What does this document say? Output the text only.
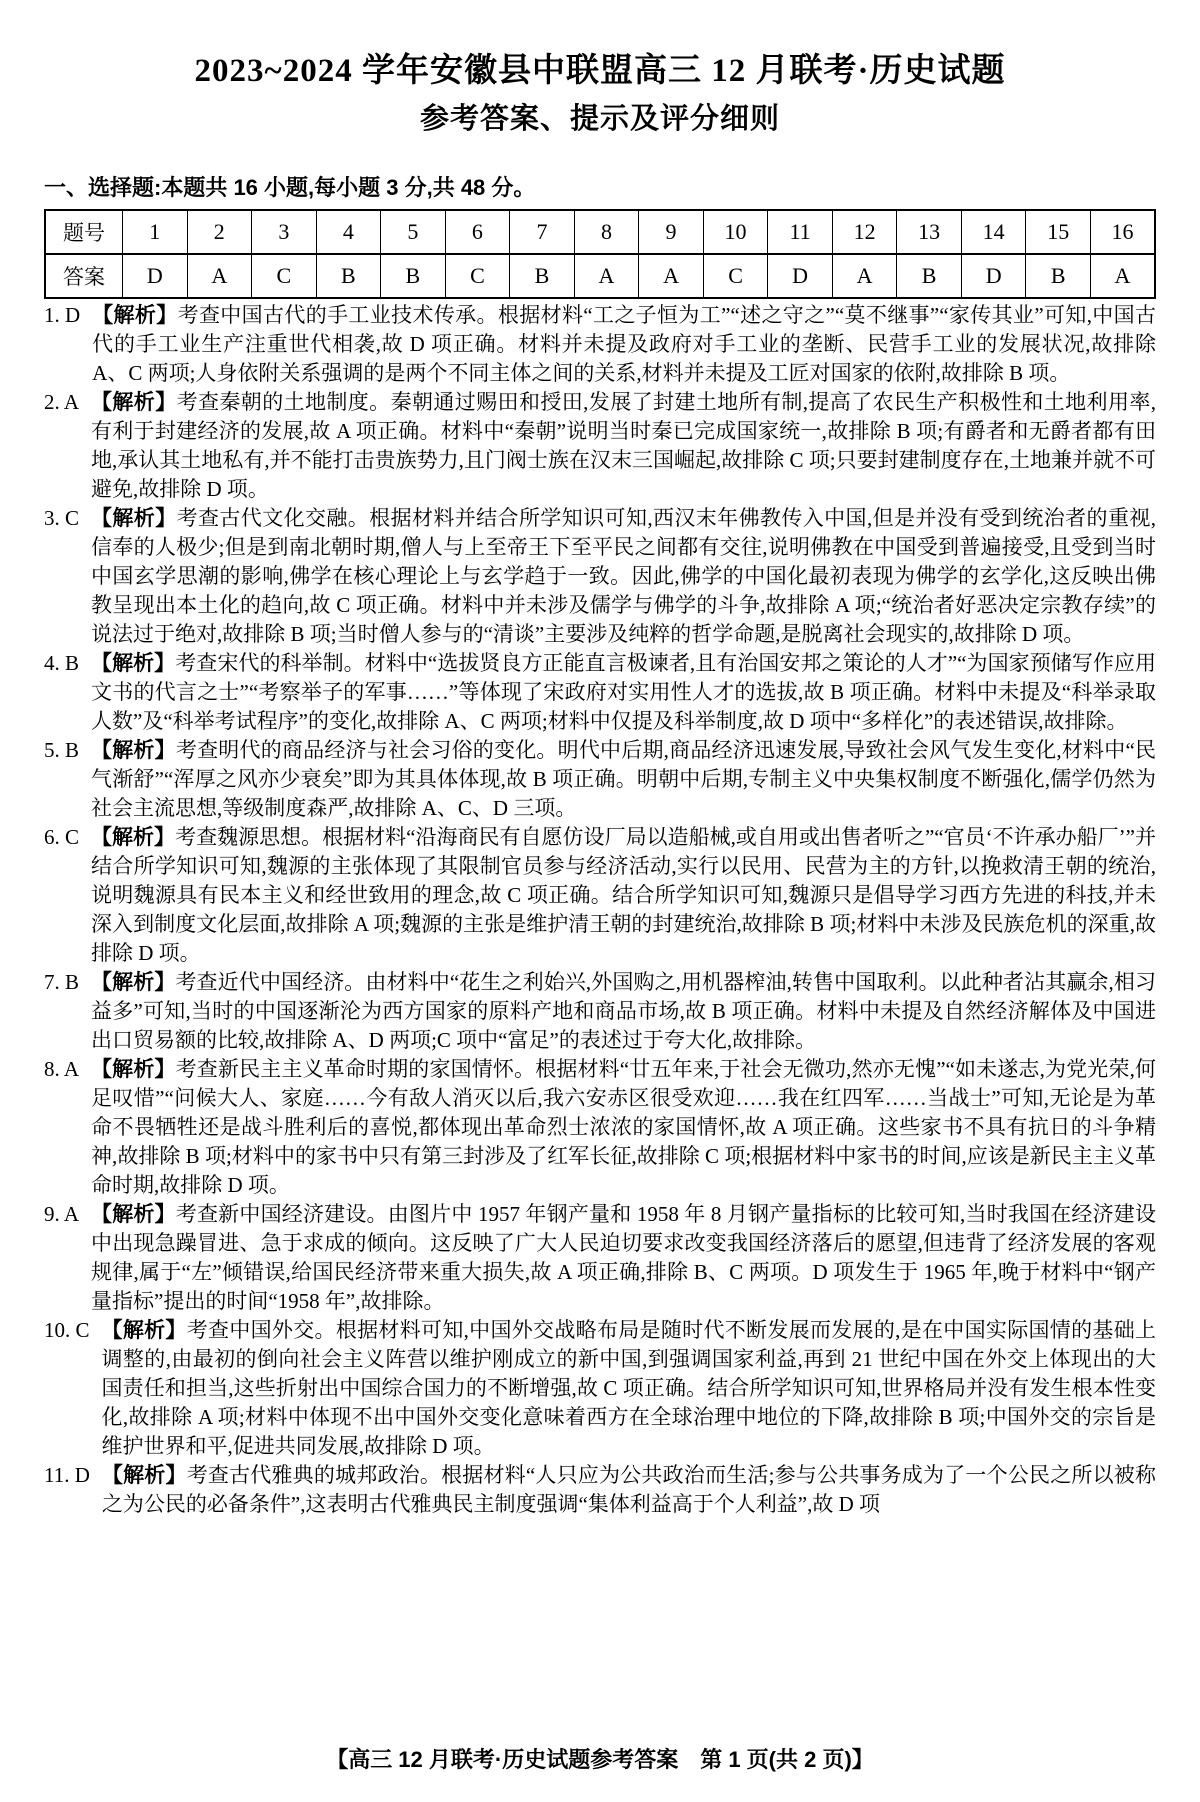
2023~2024 学年安徽县中联盟高三 12 月联考·历史试题
参考答案、提示及评分细则
一、选择题:本题共 16 小题,每小题 3 分,共 48 分。
题号	1	2	3	4	5	6	7	8	9	10	11	12	13	14	15	16
答案	D	A	C	B	B	C	B	A	A	C	D	A	B	D	B	A
1. D 【解析】考查中国古代的手工业技术传承。根据材料“工之子恒为工”“述之守之”“莫不继事”“家传其业”可知,中国古代的手工业生产注重世代相袭,故 D 项正确。材料并未提及政府对手工业的垄断、民营手工业的发展状况,故排除 A、C 两项;人身依附关系强调的是两个不同主体之间的关系,材料并未提及工匠对国家的依附,故排除 B 项。
2. A 【解析】考查秦朝的土地制度。秦朝通过赐田和授田,发展了封建土地所有制,提高了农民生产积极性和土地利用率,有利于封建经济的发展,故 A 项正确。材料中“秦朝”说明当时秦已完成国家统一,故排除 B 项;有爵者和无爵者都有田地,承认其土地私有,并不能打击贵族势力,且门阀士族在汉末三国崛起,故排除 C 项;只要封建制度存在,土地兼并就不可避免,故排除 D 项。
3. C 【解析】考查古代文化交融。根据材料并结合所学知识可知,西汉末年佛教传入中国,但是并没有受到统治者的重视,信奉的人极少;但是到南北朝时期,僧人与上至帝王下至平民之间都有交往,说明佛教在中国受到普遍接受,且受到当时中国玄学思潮的影响,佛学在核心理论上与玄学趋于一致。因此,佛学的中国化最初表现为佛学的玄学化,这反映出佛教呈现出本土化的趋向,故 C 项正确。材料中并未涉及儒学与佛学的斗争,故排除 A 项;“统治者好恶决定宗教存续”的说法过于绝对,故排除 B 项;当时僧人参与的“清谈”主要涉及纯粹的哲学命题,是脱离社会现实的,故排除 D 项。
4. B 【解析】考查宋代的科举制。材料中“选拔贤良方正能直言极谏者,且有治国安邦之策论的人才”“为国家预储写作应用文书的代言之士”“考察举子的军事……”等体现了宋政府对实用性人才的选拔,故 B 项正确。材料中未提及“科举录取人数”及“科举考试程序”的变化,故排除 A、C 两项;材料中仅提及科举制度,故 D 项中“多样化”的表述错误,故排除。
5. B 【解析】考查明代的商品经济与社会习俗的变化。明代中后期,商品经济迅速发展,导致社会风气发生变化,材料中“民气渐舒”“浑厚之风亦少衰矣”即为其具体体现,故 B 项正确。明朝中后期,专制主义中央集权制度不断强化,儒学仍然为社会主流思想,等级制度森严,故排除 A、C、D 三项。
6. C 【解析】考查魏源思想。根据材料“沿海商民有自愿仿设厂局以造船械,或自用或出售者听之”“官员‘不许承办船厂’”并结合所学知识可知,魏源的主张体现了其限制官员参与经济活动,实行以民用、民营为主的方针,以挽救清王朝的统治,说明魏源具有民本主义和经世致用的理念,故 C 项正确。结合所学知识可知,魏源只是倡导学习西方先进的科技,并未深入到制度文化层面,故排除 A 项;魏源的主张是维护清王朝的封建统治,故排除 B 项;材料中未涉及民族危机的深重,故排除 D 项。
7. B 【解析】考查近代中国经济。由材料中“花生之利始兴,外国购之,用机器榨油,转售中国取利。以此种者沾其赢余,相习益多”可知,当时的中国逐渐沦为西方国家的原料产地和商品市场,故 B 项正确。材料中未提及自然经济解体及中国进出口贸易额的比较,故排除 A、D 两项;C 项中“富足”的表述过于夸大化,故排除。
8. A 【解析】考查新民主主义革命时期的家国情怀。根据材料“廿五年来,于社会无微功,然亦无愧”“如未遂志,为党光荣,何足叹惜”“问候大人、家庭……今有敌人消灭以后,我六安赤区很受欢迎……我在红四军……当战士”可知,无论是为革命不畏牺牲还是战斗胜利后的喜悦,都体现出革命烈士浓浓的家国情怀,故 A 项正确。这些家书不具有抗日的斗争精神,故排除 B 项;材料中的家书中只有第三封涉及了红军长征,故排除 C 项;根据材料中家书的时间,应该是新民主主义革命时期,故排除 D 项。
9. A 【解析】考查新中国经济建设。由图片中 1957 年钢产量和 1958 年 8 月钢产量指标的比较可知,当时我国在经济建设中出现急躁冒进、急于求成的倾向。这反映了广大人民迫切要求改变我国经济落后的愿望,但违背了经济发展的客观规律,属于“左”倾错误,给国民经济带来重大损失,故 A 项正确,排除 B、C 两项。D 项发生于 1965 年,晚于材料中“钢产量指标”提出的时间“1958 年”,故排除。
10. C 【解析】考查中国外交。根据材料可知,中国外交战略布局是随时代不断发展而发展的,是在中国实际国情的基础上调整的,由最初的倒向社会主义阵营以维护刚成立的新中国,到强调国家利益,再到 21 世纪中国在外交上体现出的大国责任和担当,这些折射出中国综合国力的不断增强,故 C 项正确。结合所学知识可知,世界格局并没有发生根本性变化,故排除 A 项;材料中体现不出中国外交变化意味着西方在全球治理中地位的下降,故排除 B 项;中国外交的宗旨是维护世界和平,促进共同发展,故排除 D 项。
11. D 【解析】考查古代雅典的城邦政治。根据材料“人只应为公共政治而生活;参与公共事务成为了一个公民之所以被称之为公民的必备条件”,这表明古代雅典民主制度强调“集体利益高于个人利益”,故 D 项
【高三 12 月联考·历史试题参考答案　第 1 页(共 2 页)】
